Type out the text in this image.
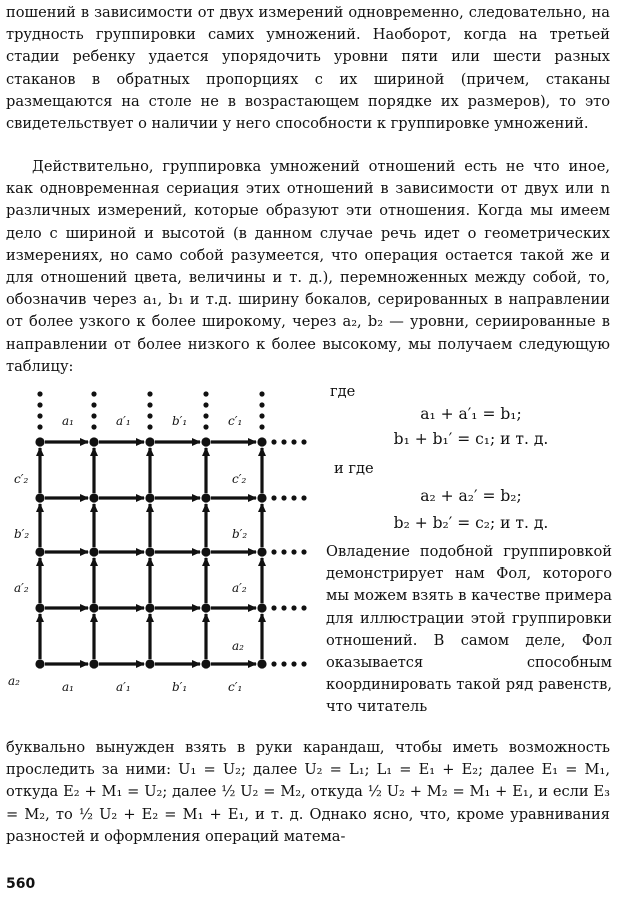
пошений в зависимости от двух измерений одновременно, следовательно, на трудность группировки самих умножений. Наоборот, когда на третьей стадии ребенку удается упорядочить уровни пяти или шести разных стаканов в обратных пропорциях с их шириной (причем, стаканы размещаются на столе не в возрастающем порядке их размеров), то это свидетельствует о наличии у него способности к группировке умножений.
Действительно, группировка умножений отношений есть не что иное, как одновременная сериация этих отношений в зависимости от двух или n различных измерений, которые образуют эти отношения. Когда мы имеем дело с шириной и высотой (в данном случае речь идет о геометрических измерениях, но само собой разумеется, что операция остается такой же и для отношений цвета, величины и т. д.), перемноженных между собой, то, обозначив через a₁, b₁ и т.д. ширину бокалов, серированных в направлении от более узкого к более широкому, через a₂, b₂ — уровни, сериированные в направлении от более низкого к более высокому, мы получаем следующую таблицу:
a₁	a′₁	b′₁	c′₁
a₁	a′₁	b′₁	c′₁
c′₂
b′₂
a′₂
a₂
c′₂
b′₂
a′₂
a₂
где
a₁ + a′₁ = b₁;
b₁ + b₁′ = c₁; и т. д.
и где
a₂ + a₂′ = b₂;
b₂ + b₂′ = c₂; и т. д.
Овладение подобной группировкой демонстрирует нам Фол, которого мы можем взять в качестве примера для иллюстрации этой группировки отношений. В самом деле, Фол оказывается способным координировать такой ряд равенств, что читатель
буквально вынужден взять в руки карандаш, чтобы иметь возможность проследить за ними: U₁ = U₂; далее U₂ = L₁; L₁ = E₁ + E₂; далее E₁ = M₁, откуда E₂ + M₁ = U₂; далее ½ U₂ = M₂, откуда ½ U₂ + M₂ = M₁ + E₁, и если E₃ = M₂, то ½ U₂ + E₂ = M₁ + E₁, и т. д. Однако ясно, что, кроме уравнивания разностей и оформления операций матема-
560
